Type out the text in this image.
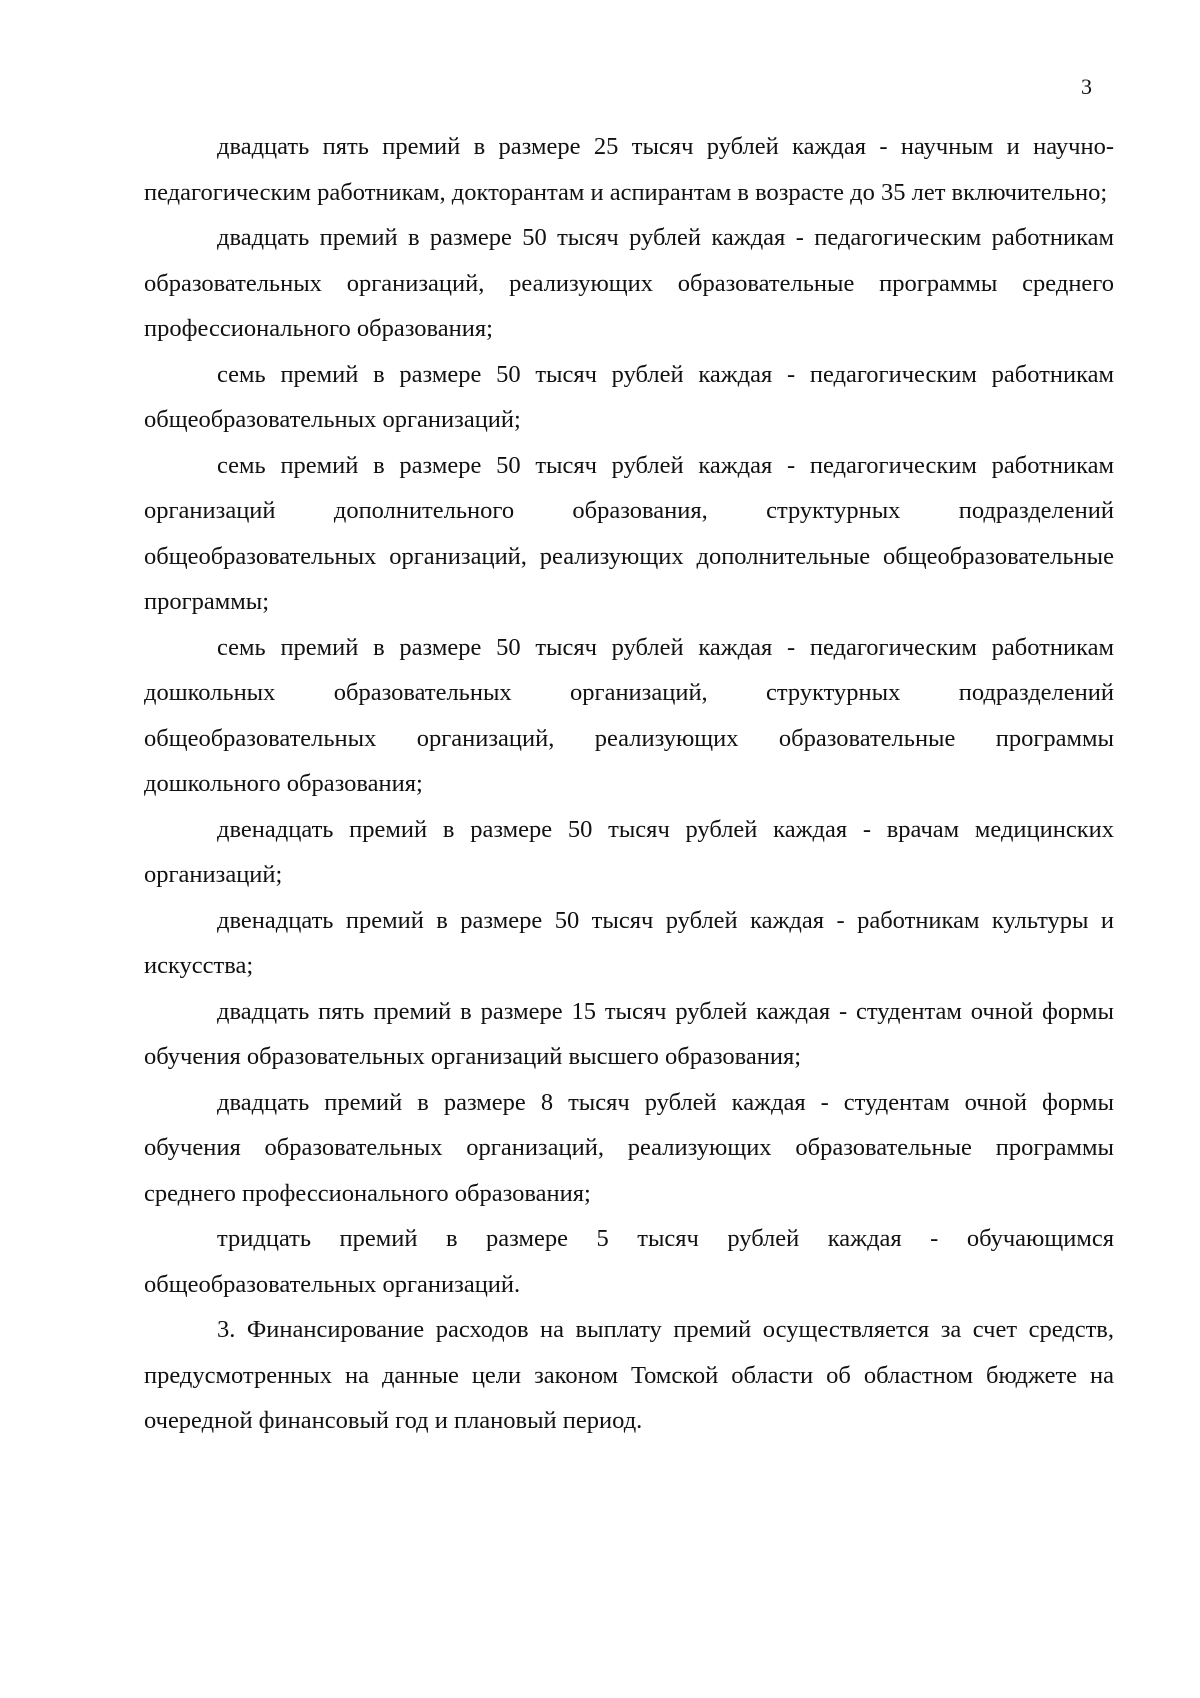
3

двадцать пять премий в размере 25 тысяч рублей каждая - научным и научно-педагогическим работникам, докторантам и аспирантам в возрасте до 35 лет включительно;

двадцать премий в размере 50 тысяч рублей каждая - педагогическим работникам образовательных организаций, реализующих образовательные программы среднего профессионального образования;

семь премий в размере 50 тысяч рублей каждая - педагогическим работникам общеобразовательных организаций;

семь премий в размере 50 тысяч рублей каждая - педагогическим работникам организаций дополнительного образования, структурных подразделений общеобразовательных организаций, реализующих дополнительные общеобразовательные программы;

семь премий в размере 50 тысяч рублей каждая - педагогическим работникам дошкольных образовательных организаций, структурных подразделений общеобразовательных организаций, реализующих образовательные программы дошкольного образования;

двенадцать премий в размере 50 тысяч рублей каждая - врачам медицинских организаций;

двенадцать премий в размере 50 тысяч рублей каждая - работникам культуры и искусства;

двадцать пять премий в размере 15 тысяч рублей каждая - студентам очной формы обучения образовательных организаций высшего образования;

двадцать премий в размере 8 тысяч рублей каждая - студентам очной формы обучения образовательных организаций, реализующих образовательные программы среднего профессионального образования;

тридцать премий в размере 5 тысяч рублей каждая - обучающимся общеобразовательных организаций.

3. Финансирование расходов на выплату премий осуществляется за счет средств, предусмотренных на данные цели законом Томской области об областном бюджете на очередной финансовый год и плановый период.
